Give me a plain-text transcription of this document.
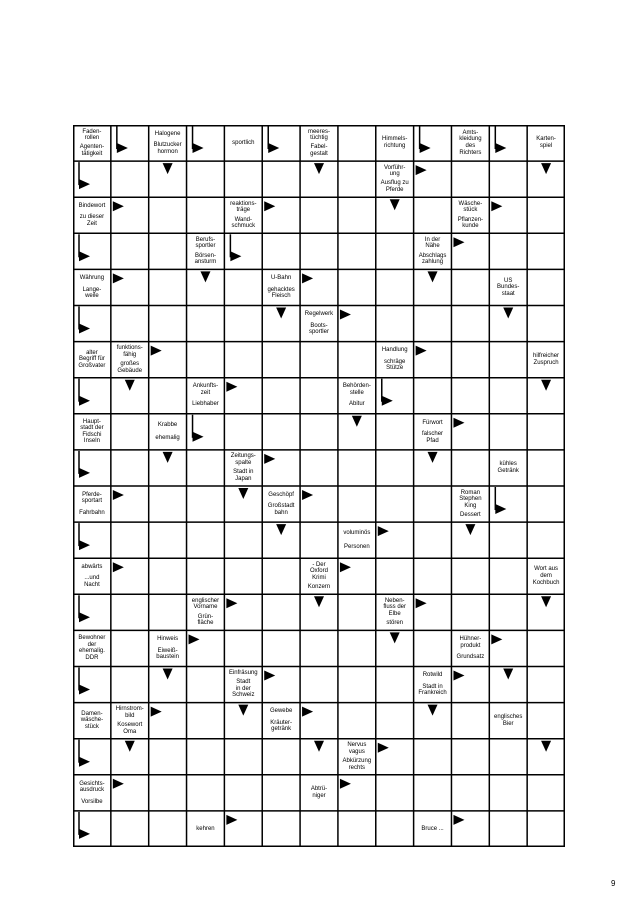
Faden-
rollen
Agenten-
tätigkeit
Halogene
Blutzucker
hormon
sportlich
meeres-
tüchtig
Fabel-
gestalt
Himmels-
richtung
Amts-
kleidung
des
Richters
Karten-
spiel
Vorführ-
ung
Ausflug zu
Pferde
Bindewort
zu dieser
Zeit
reaktions-
träge
Wand-
schmuck
Wäsche-
stück
Pflanzen-
kunde
Berufs-
sportler
Börsen-
ansturm
In der
Nähe
Abschlags
zahlung
Währung
Lange-
weile
U-Bahn
gehacktes
Fleisch
US
Bundes-
staat
Regelwerk
Boots-
sportler
alter
Begriff für
Großvater
funktions-
fähig
großes
Gebäude
Handlung
schräge
Stütze
hilfreicher
Zuspruch
Ankunfts-
zeit
Liebhaber
Behörden-
stelle
Abitur
Haupt-
stadt der
Fidschi
Inseln
Krabbe
ehemalig
Fürwort
falscher
Pfad
Zeitungs-
spalte
Stadt in
Japan
kühles
Getränk
Pferde-
sportart
Fahrbahn
Geschöpf
Großstadt
bahn
Roman
Stephen
King
Dessert
voluminös
Personen
abwärts
...und
Nacht
- Der
Oxford
Krimi
Konzern
Wort aus
dem
Kochbuch
englischer
Vorname
Grün-
fläche
Neben-
fluss der
Elbe
stören
Bewohner
der
ehemalig.
DDR
Hinweis
Eiweiß-
baustein
Hühner-
produkt
Grundsatz
Einfräsung
Stadt
in der
Schweiz
Rotwild
Stadt in
Frankreich
Damen-
wäsche-
stück
Hirnstrom-
bild
Kosewort
Oma
Gewebe
Kräuter-
getränk
englisches
Bier
Nervus
vagus
Abkürzung
rechts
Gesichts-
ausdruck
Vorsilbe
Abtrü-
niger
kehren	Bruce ...
9
